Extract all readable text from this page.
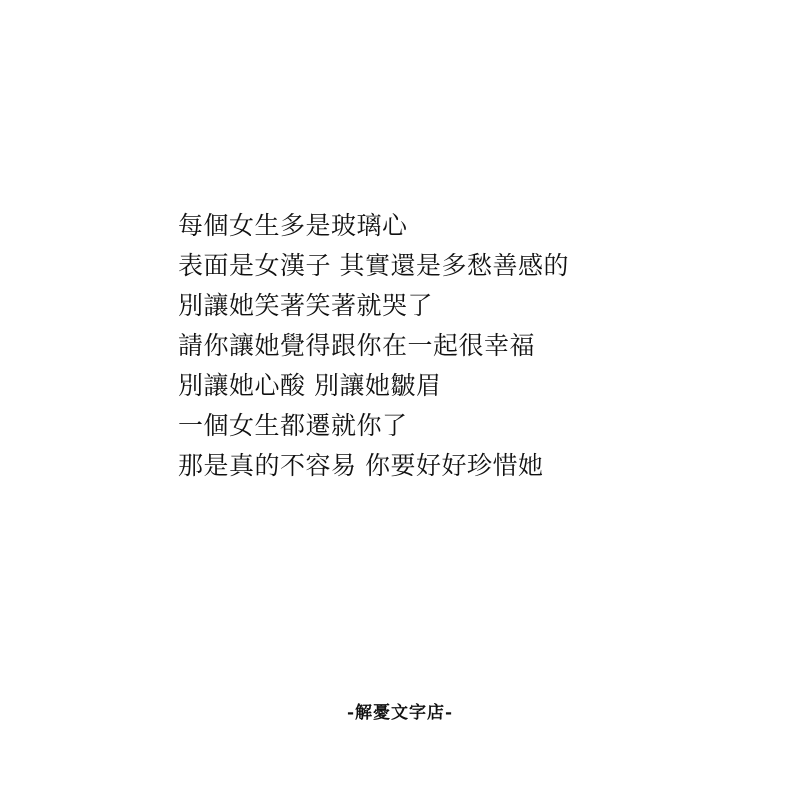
每個女生多是玻璃心
表面是女漢子 其實還是多愁善感的
別讓她笑著笑著就哭了
請你讓她覺得跟你在一起很幸福
別讓她心酸 別讓她皺眉
一個女生都遷就你了
那是真的不容易 你要好好珍惜她
-解憂文字店-
